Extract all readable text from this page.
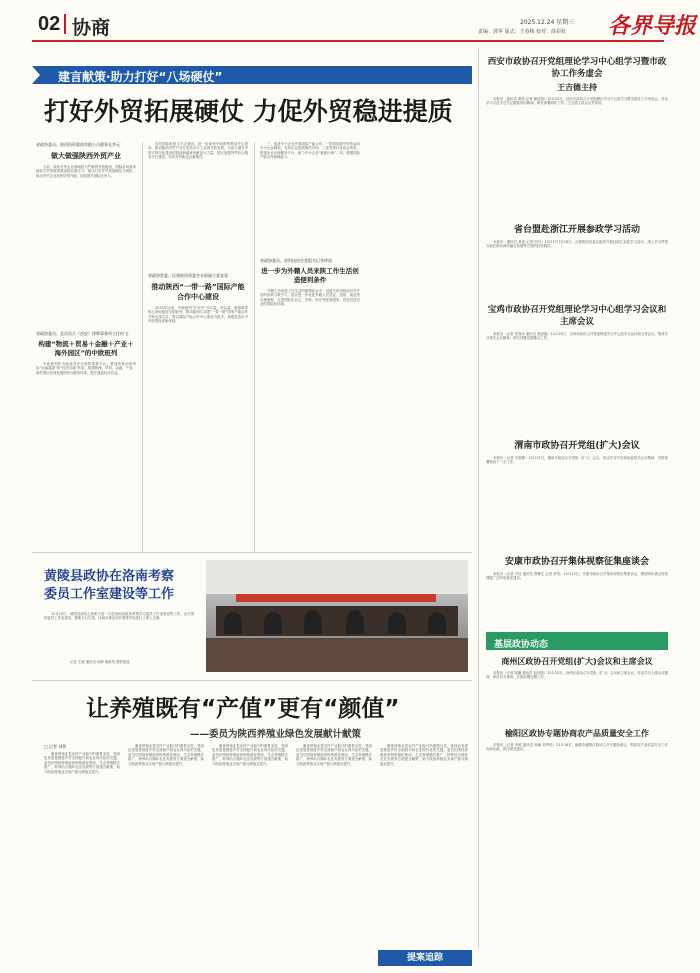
02 协商	责编：郭华 版式：王春梅 校对：薛彩虹
2025.12.24 星期三 各界导报
建言献策·助力打好“八场硬仗”
打好外贸拓展硬仗 力促外贸稳进提质
省政协委员、陕西投资集团有限公司董事长李元：
做大做强陕西外贸产业

当前，陕西外贸企业面临较为严峻的发展挑战，国际市场需求疲软与贸易壁垒增加的双重压力，要以打好外贸拓展硬仗为契机，推动外贸企业加快转型升级，持续提升国际竞争力。

省政协委员、北京浩天（西安）律师事务所主任何飞：
构建“物流＋贸易＋金融＋产业＋海外园区”的中欧班列

中欧班列作为陕西对外开放的重要平台，要加快推动班列由“运输通道”向“经济走廊”转变，构建物流、贸易、金融、产业、海外园区协同发展的综合服务体系，提升通道经济效益。

成员国际枢纽与节点建设，进一步加快中欧班列集结中心建设，推动陕西外贸产业在更高水平上实现开放发展，为奋力谱写中国式现代化建设的陕西新篇章贡献更大力量。建议加强外贸综合服务平台建设，培育外贸新业态新模式。

省政协常委、民建陕西省委会专职副主委张蓉：
推动陕西“一带一路”国际产能合作中心建设

2024年以来，中欧班列“长安号”开行量、货运量、重箱率等核心指标稳居全国前列，推动陕西与共建“一带一路”国家产能合作不断走深走实，要以国际产能合作中心建设为抓手，构建更高水平开放型经济新体制。

三、促进中小企业开展国际产能合作。一是将省级外贸资金向中小企业倾斜，支持企业拓展海外市场；二是发挥行业协会作用，搭建企业出海服务平台，助力中小企业“抱团出海”。四、增强国际产能合作保障能力。

省政协委员、省科技协会党组书记李珍说：
进一步为外籍人员来陕工作生活创造便利条件

外籍人员来陕工作生活的便利化水平，直接关系到陕西对外开放的形象与吸引力。建议进一步优化外籍人员签证、居留、就业等办理流程，完善国际化社区、学校、医疗等配套服务，营造宜居宜业的国际化环境。

黄陵县政协在洛南考察
委员工作室建设等工作

12月10日，黄陵县政协主席张小爱一行赴洛南县政协考察学习委员工作室建设等工作。双方围绕委员工作室建设、履职平台打造、协商议事活动开展等内容进行了深入交流。

记者 王斌 通讯员 杨静 缑新英 摄影报道
让养殖既有“产值”更有“颜值”
——委员为陕西养殖业绿色发展献计献策
□ 记者 刘智

畜禽养殖业是农村产业振兴的重要支柱，其绿色发展是推进乡村全面振兴和农业现代化的关键。委员们围绕养殖废弃物资源化利用、生态养殖模式推广、种养结合循环农业发展等方面建言献策，助力陕西养殖业实现产值与颜值双提升。

畜禽养殖业是农村产业振兴的重要支柱，其绿色发展是推进乡村全面振兴和农业现代化的关键。委员们围绕养殖废弃物资源化利用、生态养殖模式推广、种养结合循环农业发展等方面建言献策，助力陕西养殖业实现产值与颜值双提升。

畜禽养殖业是农村产业振兴的重要支柱，其绿色发展是推进乡村全面振兴和农业现代化的关键。委员们围绕养殖废弃物资源化利用、生态养殖模式推广、种养结合循环农业发展等方面建言献策，助力陕西养殖业实现产值与颜值双提升。

畜禽养殖业是农村产业振兴的重要支柱，其绿色发展是推进乡村全面振兴和农业现代化的关键。委员们围绕养殖废弃物资源化利用、生态养殖模式推广、种养结合循环农业发展等方面建言献策，助力陕西养殖业实现产值与颜值双提升。

畜禽养殖业是农村产业振兴的重要支柱，其绿色发展是推进乡村全面振兴和农业现代化的关键。委员们围绕养殖废弃物资源化利用、生态养殖模式推广、种养结合循环农业发展等方面建言献策，助力陕西养殖业实现产值与颜值双提升。

西安市政协召开党组理论学习中心组学习暨市政协工作务虚会
王吉德主持

本报讯（通讯员 黄悦 记者 谢浩翔）12月23日，西安市政协召开党组理论学习中心组学习暨市政协工作务虚会，传达学习习近平总书记重要讲话精神，研究部署明年工作。王吉德主持会议并讲话。

省台盟赴浙江开展参政学习活动

本报讯（通讯员 黄浩 记者 何丹）12月17日至18日，台盟陕西省委会组织开展赴浙江参政学习活动，深入学习考察当地在推动两岸融合发展等方面的经验做法。

宝鸡市政协召开党组理论学习中心组学习会议和主席会议

本报讯（记者 党周冰 通讯员 张丽娟）12月16日，宝鸡市政协召开党组理论学习中心组学习会议和主席会议，集体学习相关会议精神，研究部署近期重点工作。

渭南市政协召开党组(扩大)会议

本报讯（记者 安秋桦）12月17日，渭南市政协召开党组（扩大）会议，传达学习中央和省委相关会议精神，安排部署政协下一步工作。

安康市政协召开集体视察征集座谈会

本报讯（记者 尹佳 通讯员 贾舞生 记者 李雪）12月23日，安康市政协召开集体视察征集座谈会，围绕明年重点视察课题广泛听取意见建议。

基层政协动态
商州区政协召开党组(扩大)会议和主席会议

本报讯（记者 陈鹏 通讯员 赵伟刚）12月22日，商州区政协召开党组（扩大）会议和主席会议，传达学习上级会议精神，审议有关事项，安排部署近期工作。

榆阳区政协专题协商农产品质量安全工作

本报讯（记者 李锦 通讯员 杨楠 刘秀英）12月18日，榆林市榆阳区政协召开专题协商会，围绕农产品质量安全工作协商议政，提出意见建议。

提案追踪
